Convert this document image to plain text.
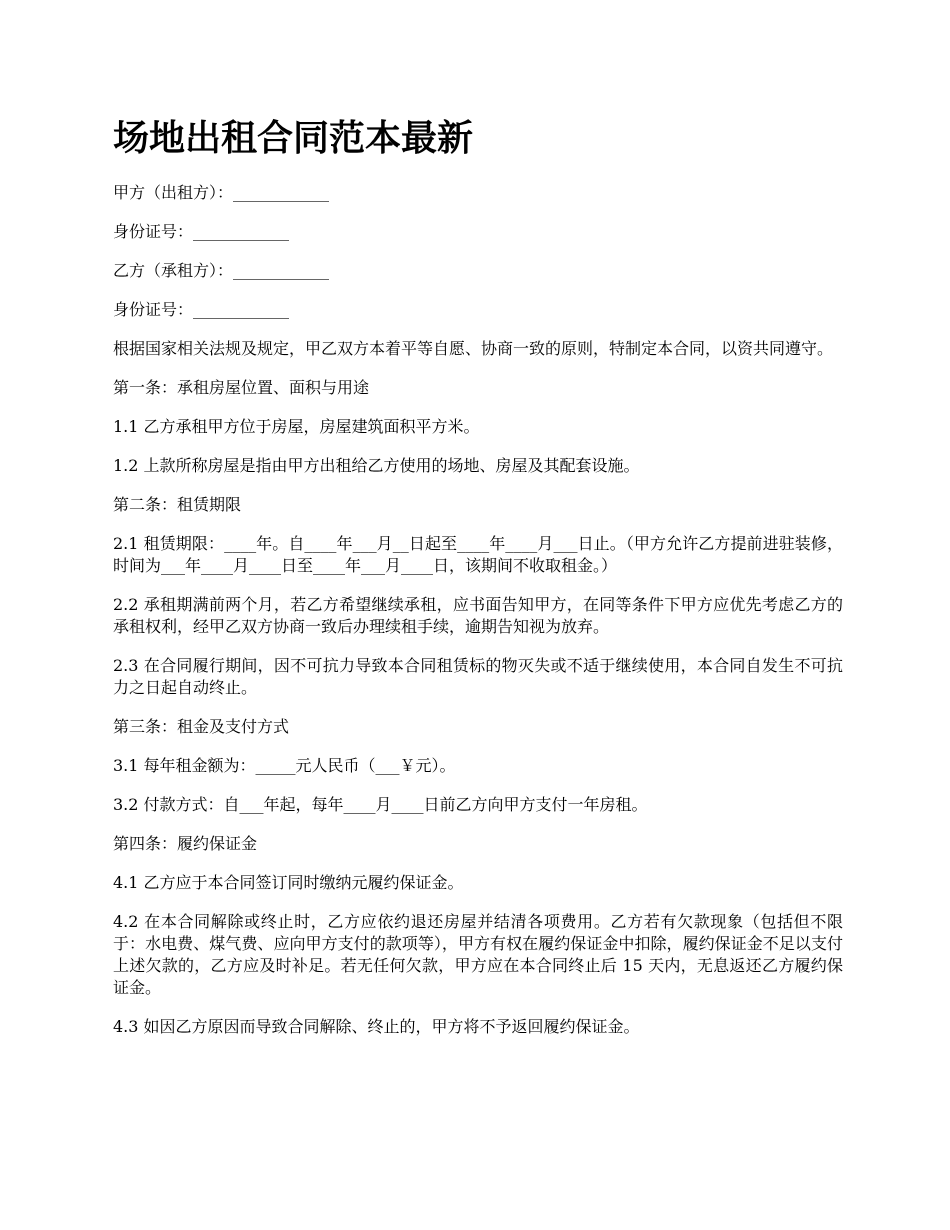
场地出租合同范本最新

甲方（出租方）：____________

身份证号：____________

乙方（承租方）：____________

身份证号：____________

根据国家相关法规及规定，甲乙双方本着平等自愿、协商一致的原则，特制定本合同，以资共同遵守。

第一条：承租房屋位置、面积与用途

1.1 乙方承租甲方位于房屋，房屋建筑面积平方米。

1.2 上款所称房屋是指由甲方出租给乙方使用的场地、房屋及其配套设施。

第二条：租赁期限

2.1 租赁期限：____年。自____年___月__日起至____年____月___日止。（甲方允许乙方提前进驻装修，时间为___年____月____日至____年___月____日，该期间不收取租金。）

2.2 承租期满前两个月，若乙方希望继续承租，应书面告知甲方，在同等条件下甲方应优先考虑乙方的承租权利，经甲乙双方协商一致后办理续租手续，逾期告知视为放弃。

2.3 在合同履行期间，因不可抗力导致本合同租赁标的物灭失或不适于继续使用，本合同自发生不可抗力之日起自动终止。

第三条：租金及支付方式

3.1 每年租金额为：_____元人民币（___￥元）。

3.2 付款方式：自___年起，每年____月____日前乙方向甲方支付一年房租。

第四条：履约保证金

4.1 乙方应于本合同签订同时缴纳元履约保证金。

4.2 在本合同解除或终止时，乙方应依约退还房屋并结清各项费用。乙方若有欠款现象（包括但不限于：水电费、煤气费、应向甲方支付的款项等），甲方有权在履约保证金中扣除，履约保证金不足以支付上述欠款的，乙方应及时补足。若无任何欠款，甲方应在本合同终止后 15 天内，无息返还乙方履约保证金。

4.3 如因乙方原因而导致合同解除、终止的，甲方将不予返回履约保证金。
